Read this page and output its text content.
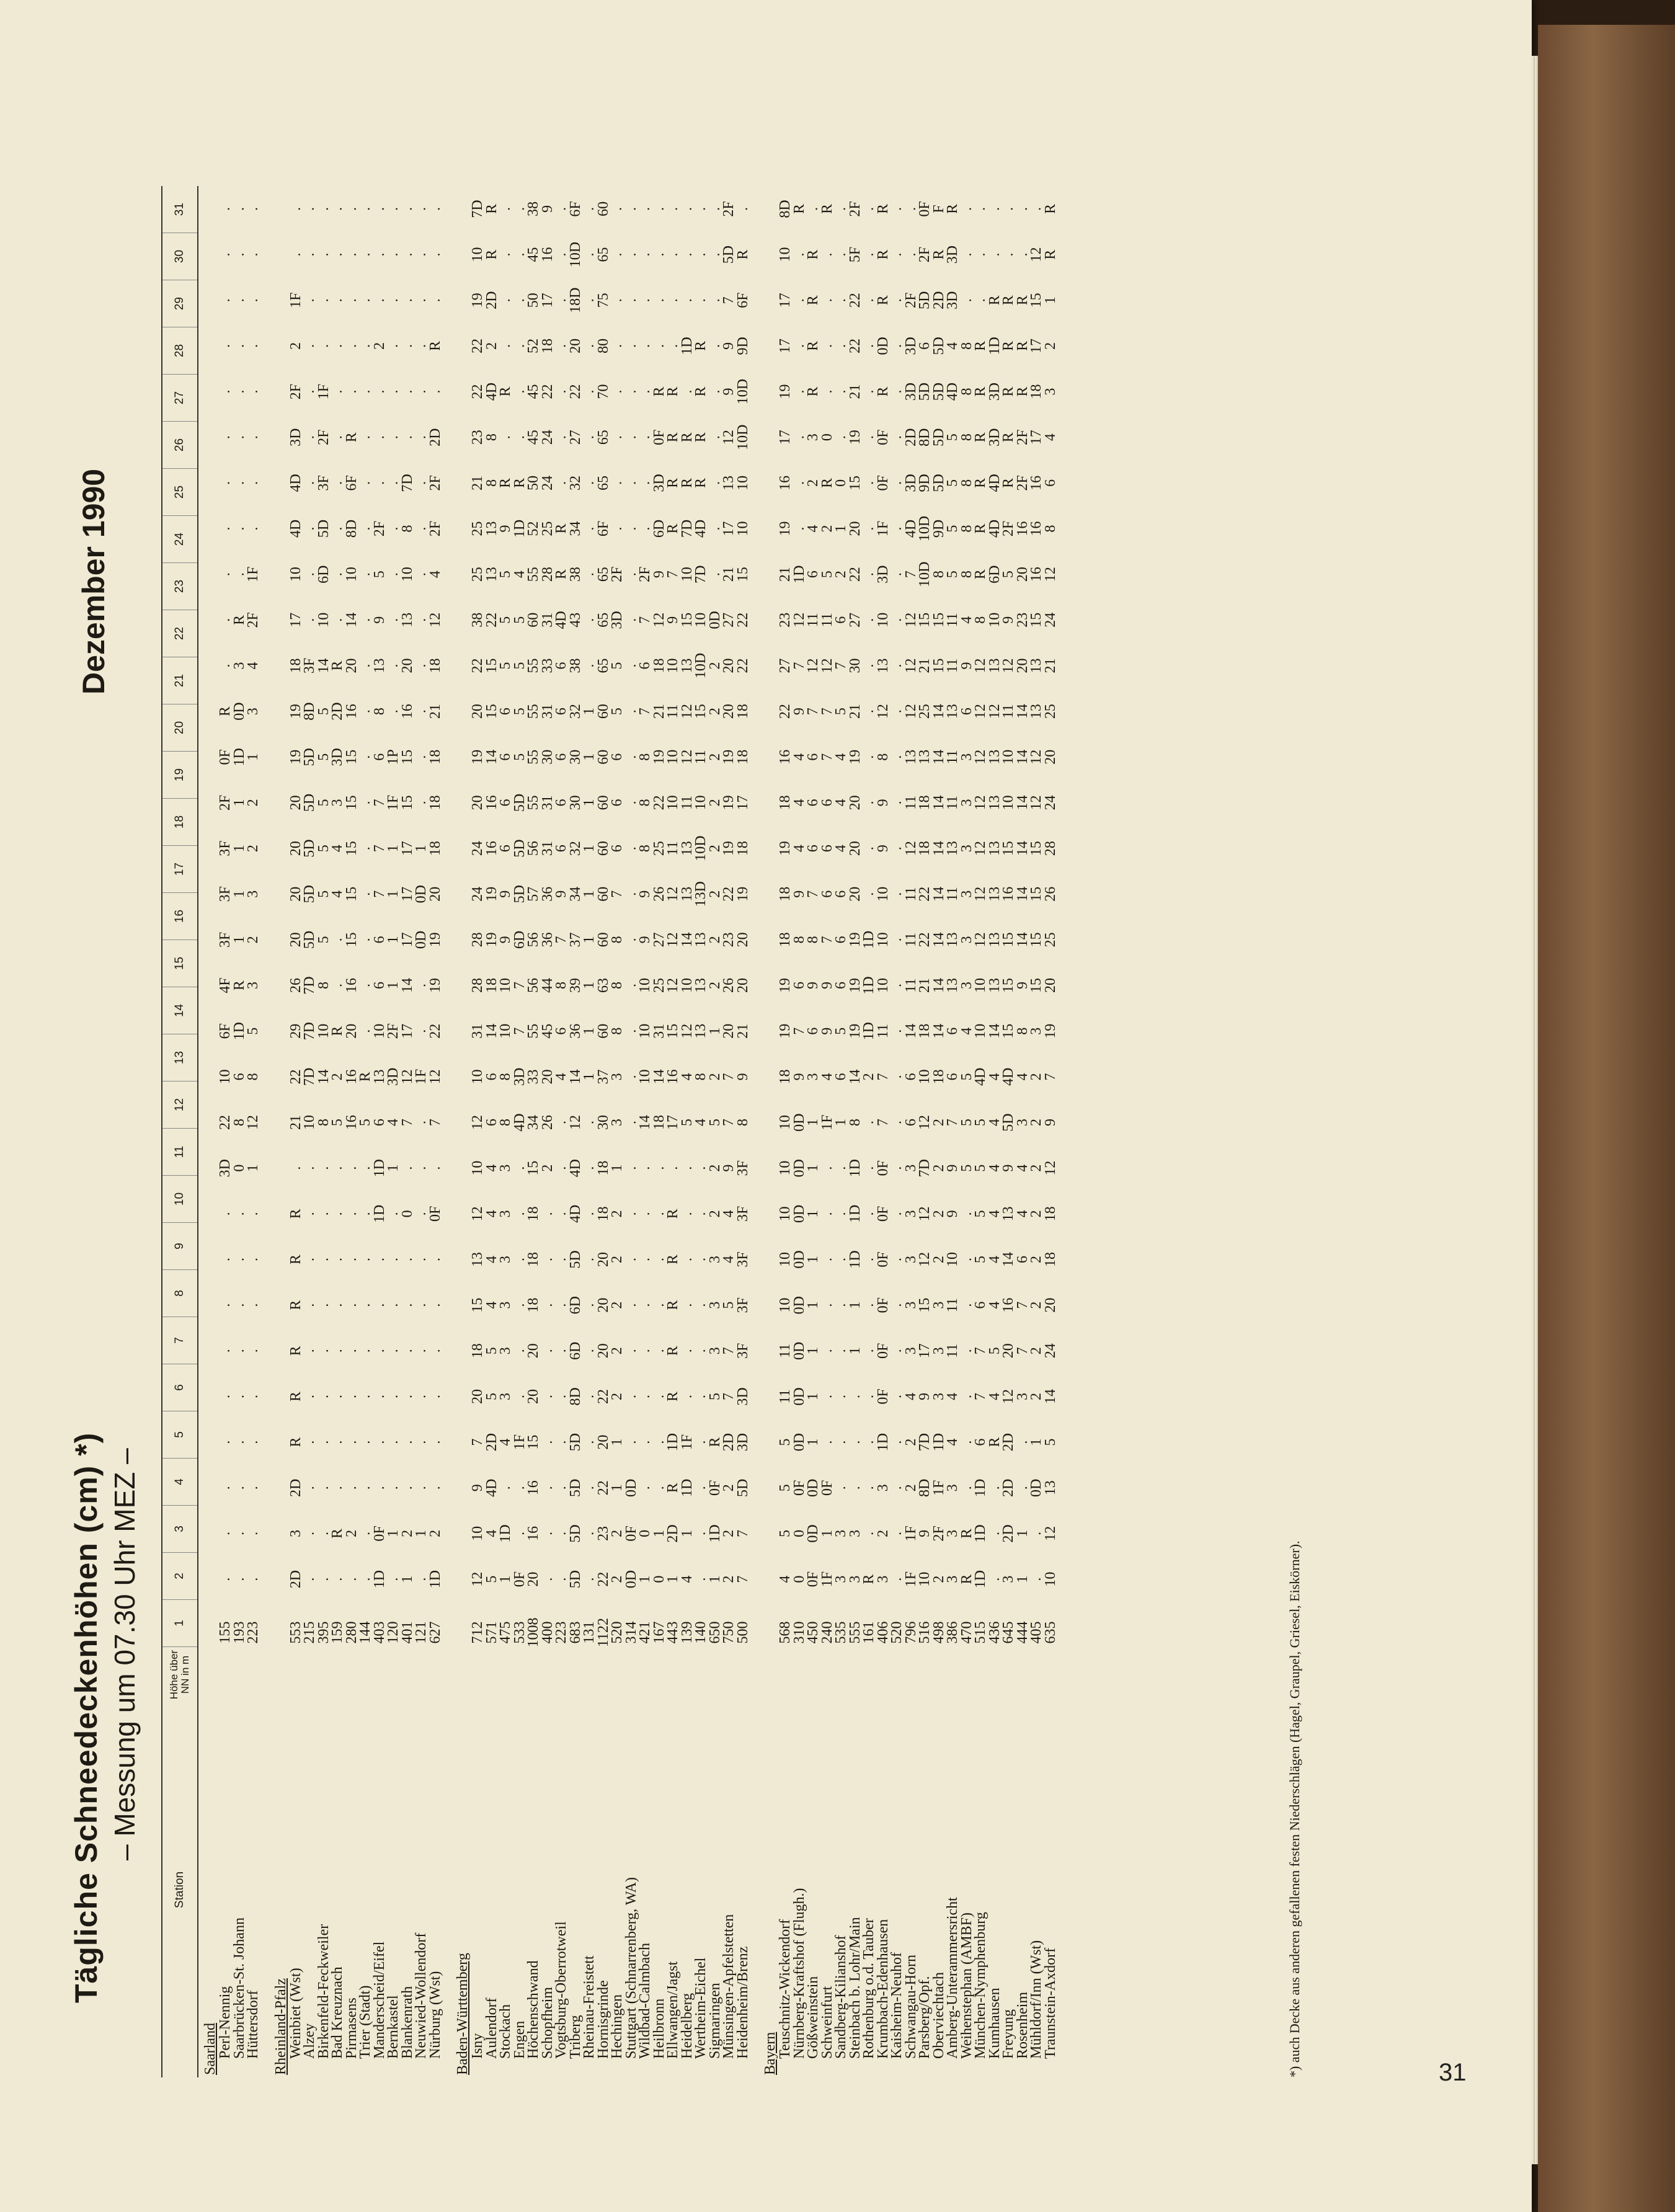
Tägliche Schneedeckenhöhen (cm) *) – Messung um 07.30 Uhr MEZ –
Dezember 1990
Station
Höhe über NN in m
1
2
3
4
5
6
7
8
9
10
11
12
13
14
15
16
17
18
19
20
21
22
23
24
25
26
27
28
29
30
31
Saarland
Perl-Nennig
155
.
.
.
.
.
.
.
.
.
3D
22
10
6F
4F
3F
3F
3F
2F
0F
R
.
.
.
.
.
.
.
.
.
.
.
Saarbrücken-St. Johann
193
.
.
.
.
.
.
.
.
.
0
8
6
1D
R
1
1
1
1
1D
0D
3
R
.
.
.
.
.
.
.
.
.
Hüttersdorf
223
.
.
.
.
.
.
.
.
.
1
12
8
5
3
2
3
2
2
1
3
4
2F
1F
.
.
.
.
.
.
.
.
Rheinland-Pfalz
Weinbiet (Wst)
553
2D
3
2D
R
R
R
R
R
R
.
21
22
29
26
20
20
20
20
19
19
18
17
10
4D
4D
3D
2F
2
1F
.
.
Alzey
215
.
.
.
.
.
.
.
.
.
.
10
7D
7D
7D
5D
5D
5D
5D
5D
8D
3F
.
.
.
.
.
.
.
.
.
.
Birkenfeld-Feckweiler
395
.
.
.
.
.
.
.
.
.
.
8
14
10
8
5
5
5
5
5
5
14
10
6D
5D
3F
2F
1F
.
.
.
.
Bad Kreuznach
159
.
R
.
.
.
.
.
.
.
.
5
2
R
.
.
4
4
3
3D
2D
R
.
.
.
.
.
.
.
.
.
.
Pirmasens
280
.
2
.
.
.
.
.
.
.
.
16
16
20
16
15
15
15
15
15
16
20
14
10
8D
6F
R
.
.
.
.
.
Trier (Stadt)
144
.
.
.
.
.
.
.
.
.
.
5
R
.
.
.
.
.
.
.
.
.
.
.
.
.
.
.
.
.
.
.
Manderscheid/Eifel
403
1D
0F
.
.
.
.
.
.
1D
1D
6
13
10
6
6
7
7
7
6
8
13
9
5
2F
.
.
.
2
.
.
.
Bernkastel
120
.
1
.
.
.
.
.
.
.
1
4
3D
2F
1
1
1
1
1F
1P
.
.
.
.
.
.
.
.
.
.
.
.
Blankenrath
401
1
2
.
.
.
.
.
.
0
.
7
12
17
14
17
17
17
15
15
16
20
13
10
8
7D
.
.
.
.
.
.
Neuwied-Wollendorf
121
.
1
.
.
.
.
.
.
.
.
.
1F
.
.
0D
0D
1
.
.
.
.
.
.
.
.
.
.
.
.
.
.
Nürburg (Wst)
627
1D
2
.
.
.
.
.
.
0F
.
7
12
22
19
19
20
18
18
18
21
18
12
4
2F
2F
2D
.
R
.
.
.
Baden-Württemberg
Isny
712
12
10
9
7
20
18
15
13
12
10
12
10
31
28
28
24
24
20
19
20
22
38
25
25
21
23
22
22
19
10
7D
Aulendorf
571
5
4
4D
2D
5
5
4
4
4
4
6
6
14
18
19
19
16
16
14
15
15
22
13
13
8
8
4D
2
2D
R
R
Stockach
475
1
1D
.
4
3
3
3
3
3
3
8
8
10
10
9
9
6
6
6
6
5
5
5
9
R
.
R
.
.
.
.
Engen
533
0F
.
.
1F
.
.
.
.
.
.
4D
3D
7
7
6D
5D
5D
5D
5
5
5
5
4
1D
R
.
.
.
.
.
.
Höchenschwand
1008
20
16
16
15
20
20
18
18
18
15
34
33
55
56
56
57
56
55
55
55
55
60
55
52
50
45
45
52
50
45
38
Schopfheim
400
.
.
.
.
.
.
.
.
.
2
26
20
45
44
36
36
31
31
30
31
33
31
28
25
24
24
22
18
17
16
9
Vogtsburg-Oberrotweil
223
.
.
.
.
.
.
.
.
.
.
.
4
6
8
7
9
6
6
6
6
6
4D
R
R
.
.
.
.
.
.
.
Triberg
683
5D
5D
5D
5D
8D
6D
6D
5D
4D
4D
12
14
36
39
37
34
32
30
30
32
38
43
38
34
32
27
22
20
18D
10D
6F
Rheinau-Freistett
131
.
.
.
.
.
.
.
.
.
.
.
1
1
1
1
1
1
1
1
1
.
.
.
.
.
.
.
.
.
.
.
Hornisgrinde
1122
22
23
22
20
22
20
20
20
18
18
30
37
60
63
60
60
60
60
60
60
65
65
65
6F
65
65
70
80
75
65
60
Hechingen
520
2
2
1
1
2
2
2
2
2
1
3
3
8
8
8
7
6
6
6
5
5
3D
2F
.
.
.
.
.
.
.
.
Stuttgart (Schnarrenberg, WA)
314
0D
0F
0D
.
.
.
.
.
.
.
.
.
.
.
.
.
.
.
.
.
.
.
.
.
.
.
.
.
.
.
.
Wildbad-Calmbach
421
1
0
.
.
.
.
.
.
.
.
14
10
10
10
9
9
8
8
8
7
6
7
2F
.
.
.
.
.
.
.
.
Heilbronn
167
0
1
.
.
.
.
.
.
.
.
18
14
31
25
27
26
25
22
19
21
18
12
9
6D
3D
0F
R
.
.
.
.
Ellwangen/Jagst
443
1
2D
R
1D
R
R
R
R
R
.
17
16
15
12
12
12
11
10
10
11
10
9
7
R
R
R
R
.
.
.
.
Heidelberg
139
4
1
1D
1F
.
.
.
.
.
.
5
4
12
10
14
13
13
11
12
12
13
15
10
7D
R
R
.
1D
.
.
.
Wertheim-Eichel
140
.
.
.
.
.
.
.
.
.
.
4
8
13
13
13
13D
10D
10
11
15
10D
10
7D
4D
R
R
R
R
.
.
.
Sigmaringen
650
1
1D
0F
R
5
3
3
3
2
2
5
2
1
2
2
2
2
2
2
2
2
0D
.
.
.
.
.
.
.
.
.
Münsingen-Apfelstetten
750
2
2
2
2D
7
7
5
4
4
9
7
7
20
26
23
22
19
19
19
20
20
27
21
17
13
12
9
9
7
5D
2F
Heidenheim/Brenz
500
7
7
5D
3D
3D
3F
3F
3F
3F
3F
8
9
21
20
20
19
18
17
18
18
22
22
15
10
10
10D
10D
9D
6F
R
.
Bayern
Teuschnitz-Wickendorf
568
4
5
5
5
11
11
10
10
10
10
10
18
19
19
18
18
19
18
16
22
27
23
21
19
16
17
19
17
17
10
8D
Nürnberg-Kraftshof (Flugh.)
310
0
0
0F
0D
0D
0D
0D
0D
0D
0D
0D
9
7
6
8
9
4
4
4
9
7
12
1D
.
.
.
.
.
.
.
R
Gößweinstein
450
0F
0D
0D
1
1
1
1
1
1
1
1
3
6
9
8
7
6
6
6
7
12
11
6
4
2
3
R
R
R
R
.
Schweinfurt
240
1F
1
0F
.
.
.
.
.
.
.
1F
4
9
9
7
6
6
6
7
7
12
11
5
2
R
0
.
.
.
.
R
Sandberg-Kilianshof
535
3
3
.
.
.
.
.
.
.
.
1
6
5
6
6
6
4
4
4
5
7
6
2
1
0
.
.
.
.
.
.
Steinbach b. Lohr/Main
555
3
3
.
.
.
1
1
1D
1D
1D
8
14
19
19
19
20
20
20
19
21
30
27
22
20
15
19
21
22
22
5F
2F
Rothenburg o.d. Tauber
161
R
.
.
.
.
.
.
.
.
.
.
2
1D
1D
1D
.
.
.
.
.
.
.
.
.
.
.
.
.
.
.
.
Krumbach-Edenhausen
406
3
2
3
1D
0F
0F
0F
0F
0F
0F
7
7
11
10
10
10
9
9
8
12
13
10
3D
1F
0F
0F
R
0D
R
R
R
Kaisheim-Neuhof
520
.
.
.
.
.
.
.
.
.
.
.
.
.
.
.
.
.
.
.
.
.
.
.
.
.
.
.
.
.
.
.
Schwangau-Horn
796
1F
1F
2
2
4
3
3
3
3
3
6
6
14
11
11
11
12
11
13
12
12
12
7
4D
3D
2D
3D
3D
2F
.
.
Parsberg/Opf.
516
10
9
8D
7D
9
17
15
12
12
7D
12
10
18
21
22
22
18
18
13
25
21
15
10D
10D
9D
8D
5D
6
5D
2F
0F
Oberviechtach
498
2
2F
1F
1D
3
3
3
2
2
2
2
18
14
14
14
14
14
14
14
14
15
15
8
9D
5D
5D
5D
5D
2D
R
F
Amberg-Unterammersricht
386
3
3
3
4
4
11
11
10
9
9
7
6
6
13
13
11
13
11
11
13
11
11
5
5
5
5
4D
4
3D
3D
R
Weihenstephan (AMBF)
470
R
R
.
.
.
.
.
.
.
5
5
5
4
3
3
3
3
3
3
6
9
4
8
8
8
8
8
8
.
.
.
München-Nymphenburg
515
1D
1D
1D
6
7
7
6
5
5
5
5
4D
10
10
12
12
12
12
12
12
12
8
R
R
R
R
R
R
.
.
.
Kumhausen
436
.
.
.
R
4
5
4
4
4
4
4
4
14
13
13
13
13
13
13
12
13
10
6D
4D
4D
3D
3D
1D
R
.
.
Freyung
645
3
2D
2D
2D
12
20
16
14
13
9
5D
4D
15
15
15
16
15
10
10
11
12
9
5
2F
R
R
R
R
R
.
.
Rosenheim
444
1
1
.
.
3
7
7
6
4
4
3
4
8
9
14
14
14
14
14
14
20
23
20
16
2F
2F
R
R
R
.
.
Mühldorf/Inn (Wst)
405
.
.
0D
1
2
2
2
2
2
2
2
2
3
15
15
15
15
12
12
13
13
15
16
16
16
17
18
17
15
12
.
Traunstein-Axdorf
635
10
12
13
5
14
24
20
18
18
12
9
7
19
20
25
26
28
24
20
25
21
24
12
8
6
4
3
2
1
R
R
*) auch Decke aus anderen gefallenen festen Niederschlägen (Hagel, Graupel, Griesel, Eiskörner).	31
